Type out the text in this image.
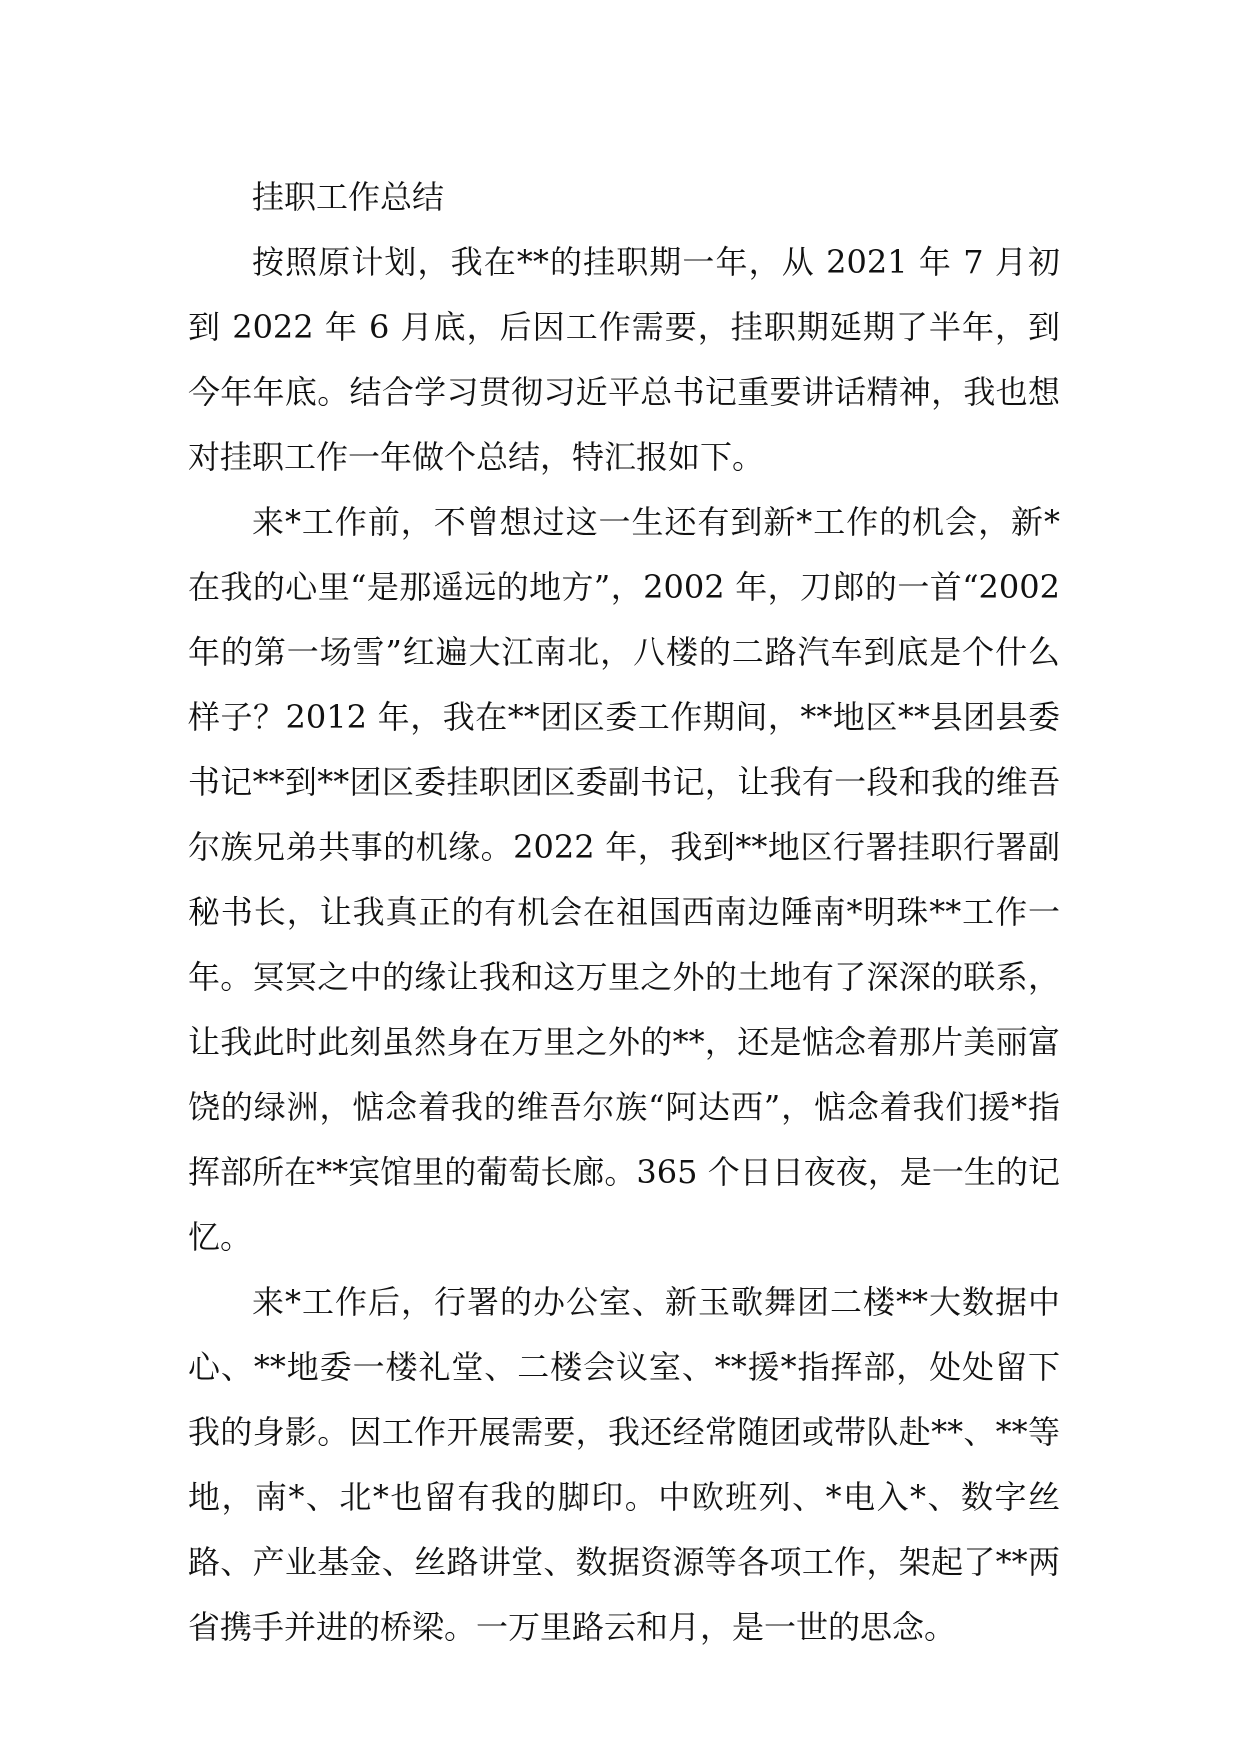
挂职工作总结

按照原计划，我在**的挂职期一年，从 2021 年 7 月初到 2022 年 6 月底，后因工作需要，挂职期延期了半年，到今年年底。结合学习贯彻习近平总书记重要讲话精神，我也想对挂职工作一年做个总结，特汇报如下。

来*工作前，不曾想过这一生还有到新*工作的机会，新*在我的心里“是那遥远的地方”，2002 年，刀郎的一首“2002 年的第一场雪”红遍大江南北，八楼的二路汽车到底是个什么样子？2012 年，我在**团区委工作期间，**地区**县团县委书记**到**团区委挂职团区委副书记，让我有一段和我的维吾尔族兄弟共事的机缘。2022 年，我到**地区行署挂职行署副秘书长，让我真正的有机会在祖国西南边陲南*明珠**工作一年。冥冥之中的缘让我和这万里之外的土地有了深深的联系，让我此时此刻虽然身在万里之外的**，还是惦念着那片美丽富饶的绿洲，惦念着我的维吾尔族“阿达西”，惦念着我们援*指挥部所在**宾馆里的葡萄长廊。365 个日日夜夜，是一生的记忆。

来*工作后，行署的办公室、新玉歌舞团二楼**大数据中心、**地委一楼礼堂、二楼会议室、**援*指挥部，处处留下我的身影。因工作开展需要，我还经常随团或带队赴**、**等地，南*、北*也留有我的脚印。中欧班列、*电入*、数字丝路、产业基金、丝路讲堂、数据资源等各项工作，架起了**两省携手并进的桥梁。一万里路云和月，是一世的思念。
